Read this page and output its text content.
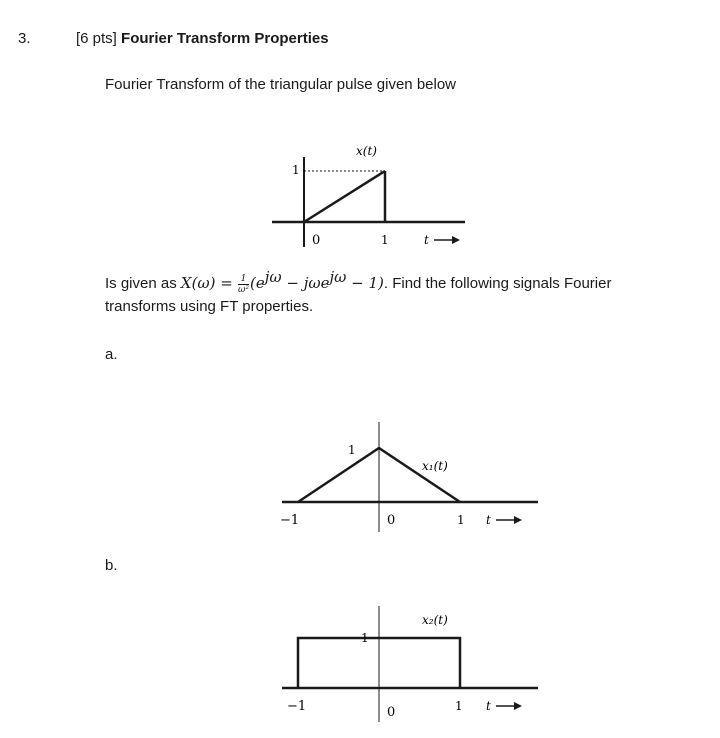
3.	[6 pts] Fourier Transform Properties
Fourier Transform of the triangular pulse given below
1
0	1
x(t)
t
Is given as $X(\omega) = \frac{1}{\text{ω²}} (e^{j\omega} - j\omega e^{j\omega} - 1)$. Find the following signals Fourier
transforms using FT properties.
a.
1
x₁(t)
−1	0	1 t
b.
1
x₂(t)
−1	0	1 t
